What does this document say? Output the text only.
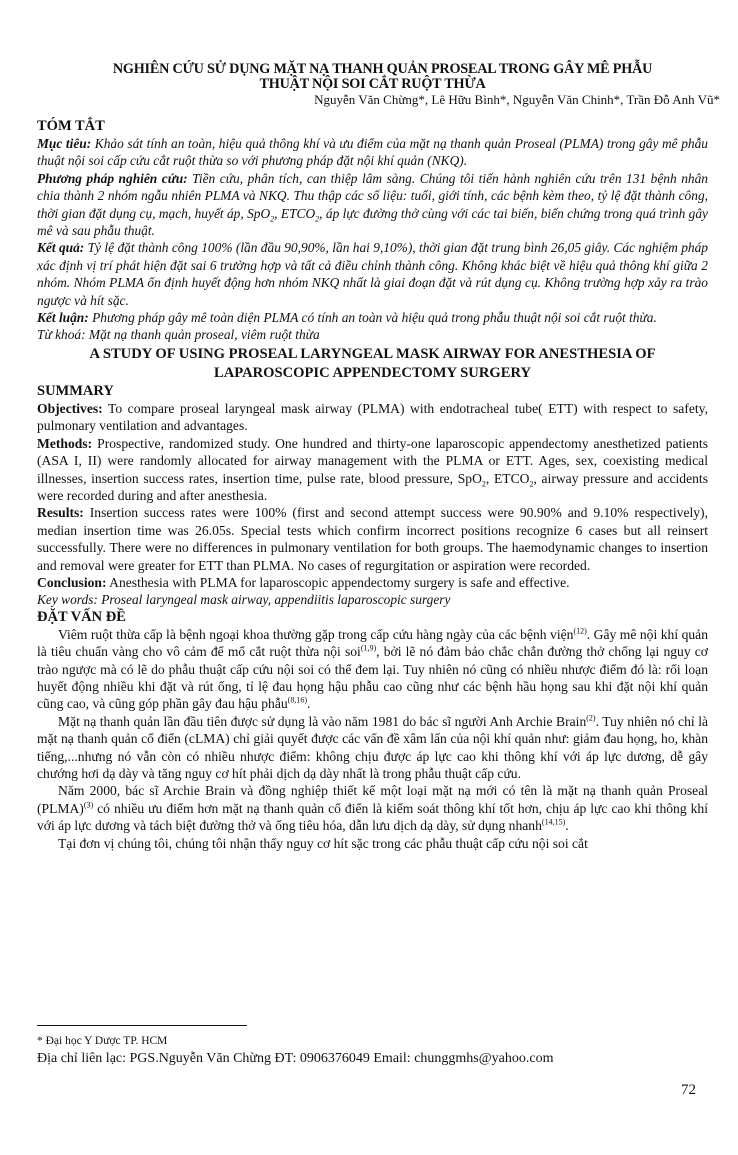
NGHIÊN CỨU SỬ DỤNG MẶT NẠ THANH QUẢN PROSEAL TRONG GÂY MÊ PHẪU
THUẬT NỘI SOI CẮT RUỘT THỪA
Nguyễn Văn Chừng*, Lê Hữu Bình*, Nguyễn Văn Chinh*, Trần Đỗ Anh Vũ*
TÓM TẮT

Mục tiêu: Khảo sát tính an toàn, hiệu quả thông khí và ưu điểm của mặt nạ thanh quản Proseal (PLMA) trong gây mê phẫu thuật nội soi cấp cứu cắt ruột thừa so với phương pháp đặt nội khí quản (NKQ).

Phương pháp nghiên cứu: Tiền cứu, phân tích, can thiệp lâm sàng. Chúng tôi tiến hành nghiên cứu trên 131 bệnh nhân chia thành 2 nhóm ngẫu nhiên PLMA và NKQ. Thu thập các số liệu: tuổi, giới tính, các bệnh kèm theo, tỷ lệ đặt thành công, thời gian đặt dụng cụ, mạch, huyết áp, SpO$_2$, $ETCO_2$, áp lực đường thở cùng với các tai biến, biến chứng trong quá trình gây mê và sau phẫu thuật.

Kết quả: Tỷ lệ đặt thành công 100% (lần đầu 90,90%, lần hai 9,10%), thời gian đặt trung bình 26,05 giây. Các nghiệm pháp xác định vị trí phát hiện đặt sai 6 trường hợp và tất cả điều chỉnh thành công. Không khác biệt về hiệu quả thông khí giữa 2 nhóm. Nhóm PLMA ổn định huyết động hơn nhóm NKQ nhất là giai đoạn đặt và rút dụng cụ. Không trường hợp xảy ra trào ngược và hít sặc.

Kết luận: Phương pháp gây mê toàn diện PLMA có tính an toàn và hiệu quả trong phẫu thuật nội soi cắt ruột thừa.

Từ khoá: Mặt nạ thanh quản proseal, viêm ruột thừa

A STUDY OF USING PROSEAL LARYNGEAL MASK AIRWAY FOR ANESTHESIA OF
LAPAROSCOPIC APPENDECTOMY SURGERY
SUMMARY

Objectives: To compare proseal laryngeal mask airway (PLMA) with endotracheal tube( ETT) with respect to safety, pulmonary ventilation and advantages.

Methods: Prospective, randomized study. One hundred and thirty-one laparoscopic appendectomy anesthetized patients (ASA I, II) were randomly allocated for airway management with the PLMA or ETT. Ages, sex, coexisting medical illnesses, insertion success rates, insertion time, pulse rate, blood pressure, SpO$_2$, $ETCO_2$, airway pressure and accidents were recorded during and after anesthesia.

Results: Insertion success rates were 100% (first and second attempt success were 90.90% and 9.10% respectively), median insertion time was 26.05s. Special tests which confirm incorrect positions recognize 6 cases but all reinsert successfully. There were no differences in pulmonary ventilation for both groups. The haemodynamic changes to insertion and removal were greater for ETT than PLMA. No cases of regurgitation or aspiration were recorded.

Conclusion: Anesthesia with PLMA for laparoscopic appendectomy surgery is safe and effective.

Key words: Proseal laryngeal mask airway, appendiitis laparoscopic surgery

ĐẶT VẤN ĐỀ

Viêm ruột thừa cấp là bệnh ngoại khoa thường gặp trong cấp cứu hàng ngày của các bệnh viện$^{(12)}$. Gây mê nội khí quản là tiêu chuẩn vàng cho vô cảm để mổ cắt ruột thừa nội soi$^{(1,9)}$, bởi lẽ nó đảm bảo chắc chắn đường thở chống lại nguy cơ trào ngược mà có lẽ do phẫu thuật cấp cứu nội soi có thể đem lại. Tuy nhiên nó cũng có nhiều nhược điểm đó là: rối loạn huyết động nhiều khi đặt và rút ống, tỉ lệ đau họng hậu phẫu cao cũng như các bệnh hầu họng sau khi đặt nội khí quản cũng cao, và cũng góp phần gây đau hậu phẫu$^{(8,16)}$.

Mặt nạ thanh quản lần đầu tiên được sử dụng là vào năm 1981 do bác sĩ người Anh Archie Brain$^{(2)}$. Tuy nhiên nó chỉ là mặt nạ thanh quản cổ điển (cLMA) chỉ giải quyết được các vấn đề xâm lấn của nội khí quản như: giảm đau họng, ho, khàn tiếng,...nhưng nó vẫn còn có nhiều nhược điểm: không chịu được áp lực cao khi thông khí với áp lực dương, dễ gây chướng hơi dạ dày và tăng nguy cơ hít phải dịch dạ dày nhất là trong phẫu thuật cấp cứu.

Năm 2000, bác sĩ Archie Brain và đồng nghiệp thiết kế một loại mặt nạ mới có tên là mặt nạ thanh quản Proseal (PLMA)$^{(3)}$ có nhiều ưu điểm hơn mặt nạ thanh quản cổ điển là kiểm soát thông khí tốt hơn, chịu áp lực cao khi thông khí với áp lực dương và tách biệt đường thở và ống tiêu hóa, dẫn lưu dịch dạ dày, sử dụng nhanh$^{(14,15)}$.

Tại đơn vị chúng tôi, chúng tôi nhận thấy nguy cơ hít sặc trong các phẫu thuật cấp cứu nội soi cắt

* Đại học Y Dược TP. HCM
Địa chỉ liên lạc: PGS.Nguyễn Văn Chừng ĐT: 0906376049 Email: chunggmhs@yahoo.com
72
